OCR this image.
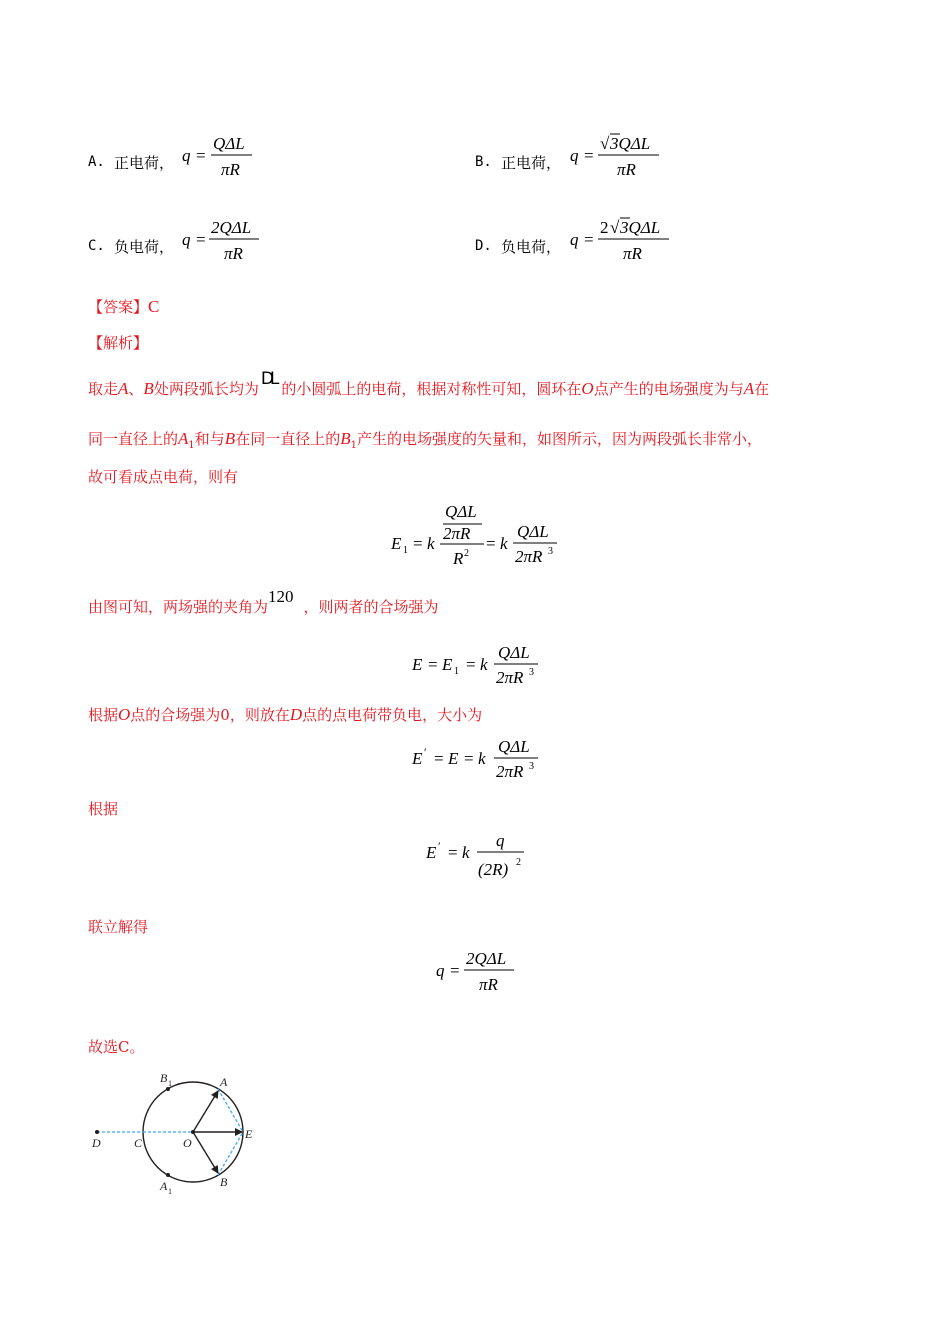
A. 正电荷， q =
QΔL
πR	B. 正电荷， q =
√ 3QΔL
πR
C. 负电荷， q =
2QΔL
πR	D. 负电荷， q =
2 √ 3QΔL
πR
【答案】C
【解析】
取走A、B处两段弧长均为 DL 的小圆弧上的电荷，根据对称性可知，圆环在O点产生的电场强度为与A在
同一直径上的$A_1$和与B在同一直径上的$B_1$产生的电场强度的矢量和，如图所示，因为两段弧长非常小，
故可看成点电荷，则有
E 1 = k
QΔL
2πR
R 2
= k
QΔL
2πR 3
由图可知，两场强的夹角为120，则两者的合场强为
E = E 1 = k
QΔL
2πR 3
根据O点的合场强为0，则放在D点的点电荷带负电，大小为
E ′ = E = k
QΔL
2πR 3
根据
E ′ = k
q
(2R) 2
联立解得
q =
2QΔL
πR
故选C。
B 1	A
D	C	O
E
A 1
B
